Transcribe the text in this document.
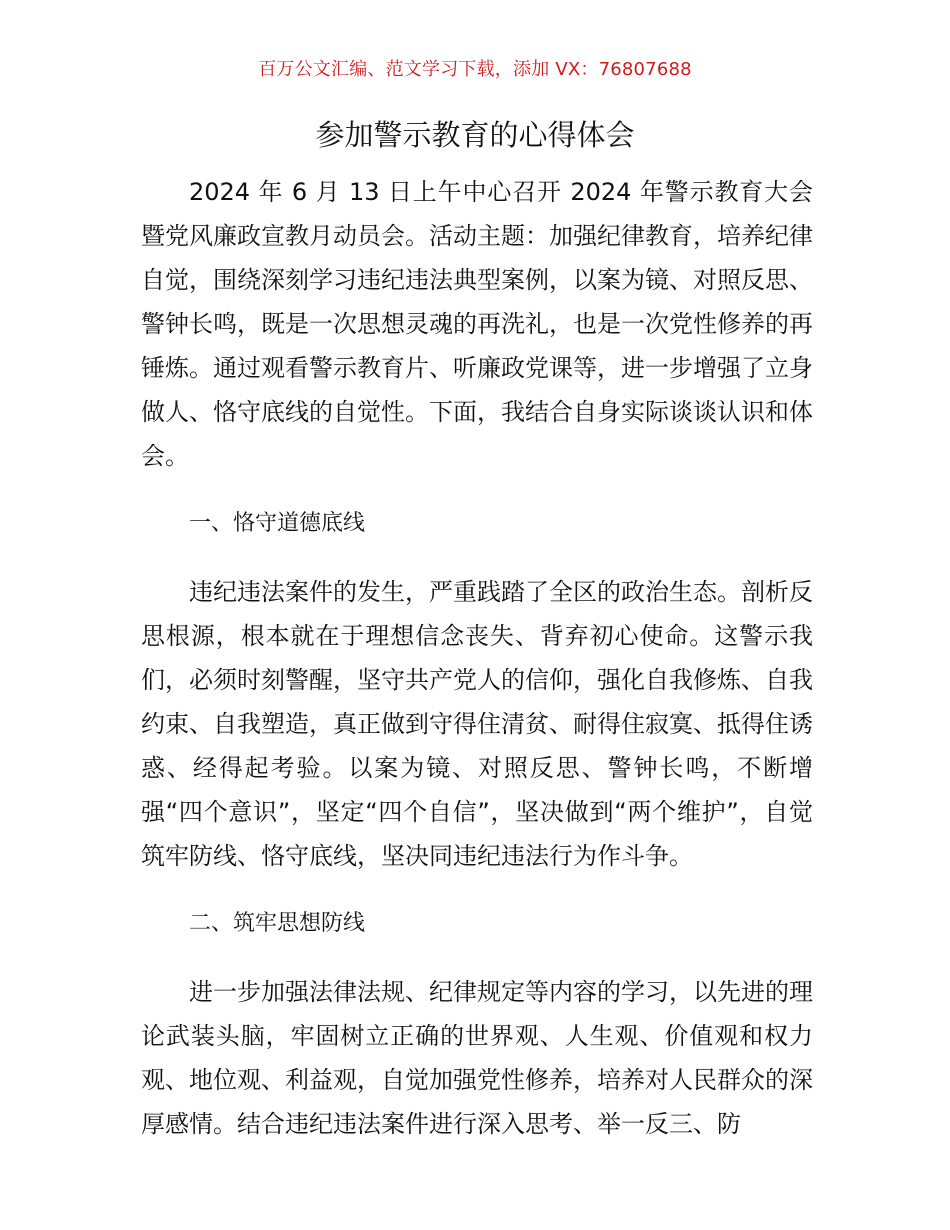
百万公文汇编、范文学习下载，添加 VX：76807688
参加警示教育的心得体会

2024 年 6 月 13 日上午中心召开 2024 年警示教育大会暨党风廉政宣教月动员会。活动主题：加强纪律教育，培养纪律自觉，围绕深刻学习违纪违法典型案例，以案为镜、对照反思、警钟长鸣，既是一次思想灵魂的再洗礼，也是一次党性修养的再锤炼。通过观看警示教育片、听廉政党课等，进一步增强了立身做人、恪守底线的自觉性。下面，我结合自身实际谈谈认识和体会。

一、恪守道德底线

违纪违法案件的发生，严重践踏了全区的政治生态。剖析反思根源，根本就在于理想信念丧失、背弃初心使命。这警示我们，必须时刻警醒，坚守共产党人的信仰，强化自我修炼、自我约束、自我塑造，真正做到守得住清贫、耐得住寂寞、抵得住诱惑、经得起考验。以案为镜、对照反思、警钟长鸣，不断增强“四个意识”，坚定“四个自信”，坚决做到“两个维护”，自觉筑牢防线、恪守底线，坚决同违纪违法行为作斗争。

二、筑牢思想防线

进一步加强法律法规、纪律规定等内容的学习，以先进的理论武装头脑，牢固树立正确的世界观、人生观、价值观和权力观、地位观、利益观，自觉加强党性修养，培养对人民群众的深厚感情。结合违纪违法案件进行深入思考、举一反三、防
